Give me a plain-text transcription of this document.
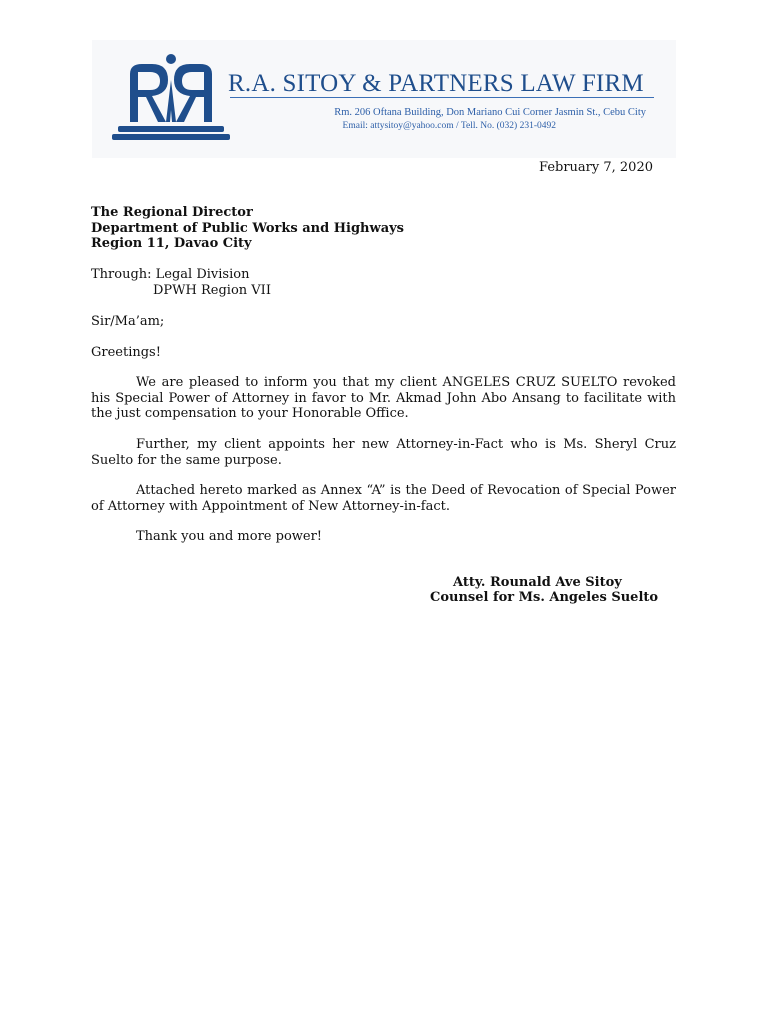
R.A. SITOY & PARTNERS LAW FIRM
Rm. 206 Oftana Building, Don Mariano Cui Corner Jasmin St., Cebu City
Email: attysitoy@yahoo.com / Tell. No. (032) 231-0492
February 7, 2020
The Regional Director
Department of Public Works and Highways
Region 11, Davao City
Through: Legal Division
DPWH Region VII
Sir/Ma’am;
Greetings!

We are pleased to inform you that my client ANGELES CRUZ SUELTO revoked his Special Power of Attorney in favor to Mr. Akmad John Abo Ansang to facilitate with the just compensation to your Honorable Office.

Further, my client appoints her new Attorney-in-Fact who is Ms. Sheryl Cruz Suelto for the same purpose.

Attached hereto marked as Annex “A” is the Deed of Revocation of Special Power of Attorney with Appointment of New Attorney-in-fact.

Thank you and more power!

Atty. Rounald Ave Sitoy
Counsel for Ms. Angeles Suelto
